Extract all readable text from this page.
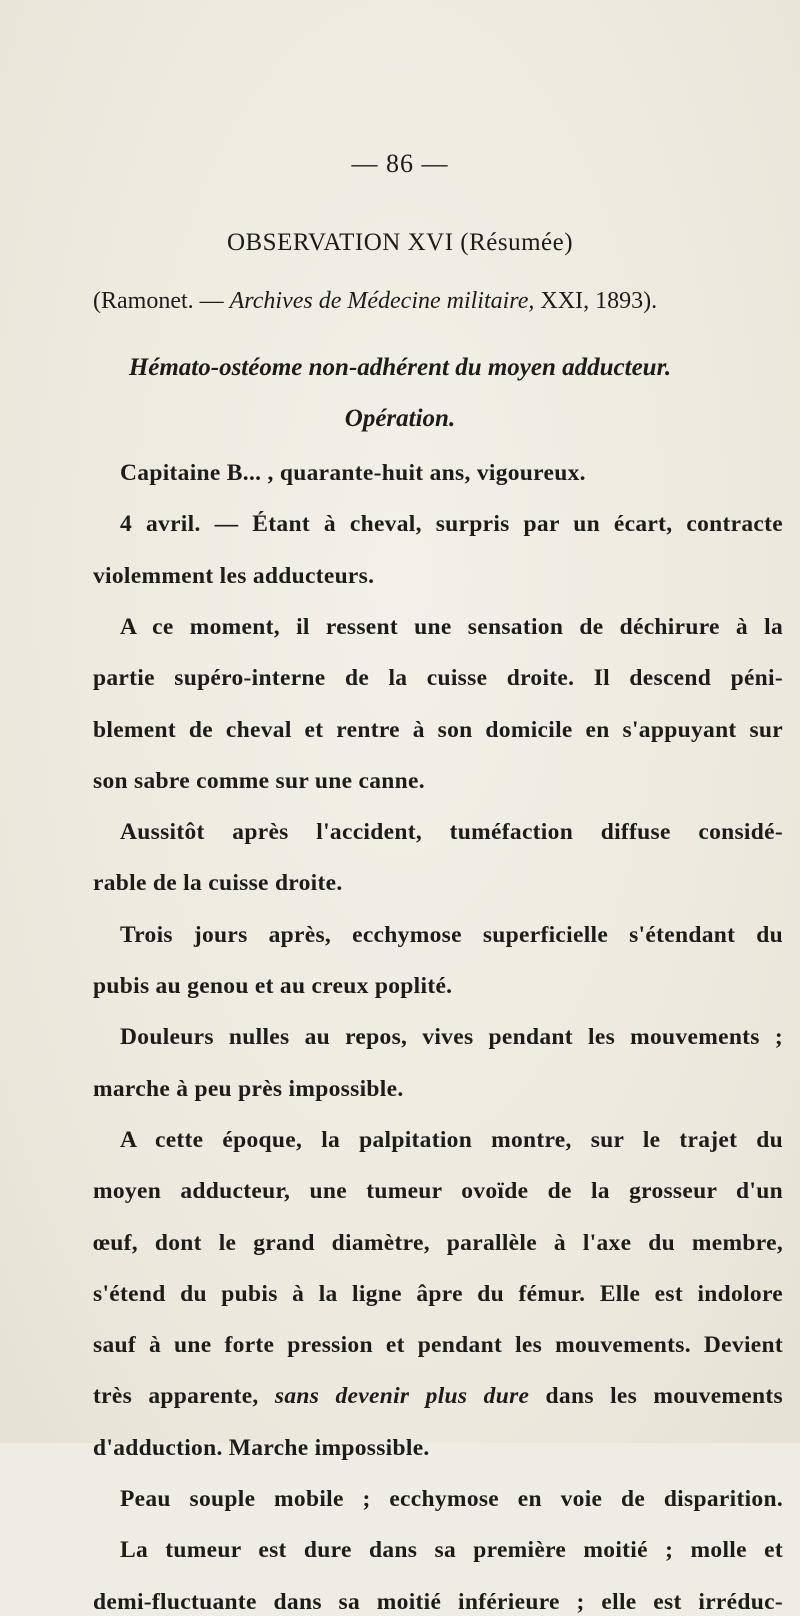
— 86 —
OBSERVATION XVI (Résumée)
(Ramonet. — Archives de Médecine militaire, XXI, 1893).
Hémato-ostéome non-adhérent du moyen adducteur.
Opération.
Capitaine B... , quarante-huit ans, vigoureux.
4 avril. — Étant à cheval, surpris par un écart, contracte
violemment les adducteurs.
A ce moment, il ressent une sensation de déchirure à la
partie supéro-interne de la cuisse droite. Il descend péni-
blement de cheval et rentre à son domicile en s'appuyant sur
son sabre comme sur une canne.
Aussitôt après l'accident, tuméfaction diffuse considé-
rable de la cuisse droite.
Trois jours après, ecchymose superficielle s'étendant du
pubis au genou et au creux poplité.
Douleurs nulles au repos, vives pendant les mouvements ;
marche à peu près impossible.
A cette époque, la palpitation montre, sur le trajet du
moyen adducteur, une tumeur ovoïde de la grosseur d'un
œuf, dont le grand diamètre, parallèle à l'axe du membre,
s'étend du pubis à la ligne âpre du fémur. Elle est indolore
sauf à une forte pression et pendant les mouvements. Devient
très apparente, sans devenir plus dure dans les mouvements
d'adduction. Marche impossible.
Peau souple mobile ; ecchymose en voie de disparition.
La tumeur est dure dans sa première moitié ; molle et
demi-fluctuante dans sa moitié inférieure ; elle est irréduc-
